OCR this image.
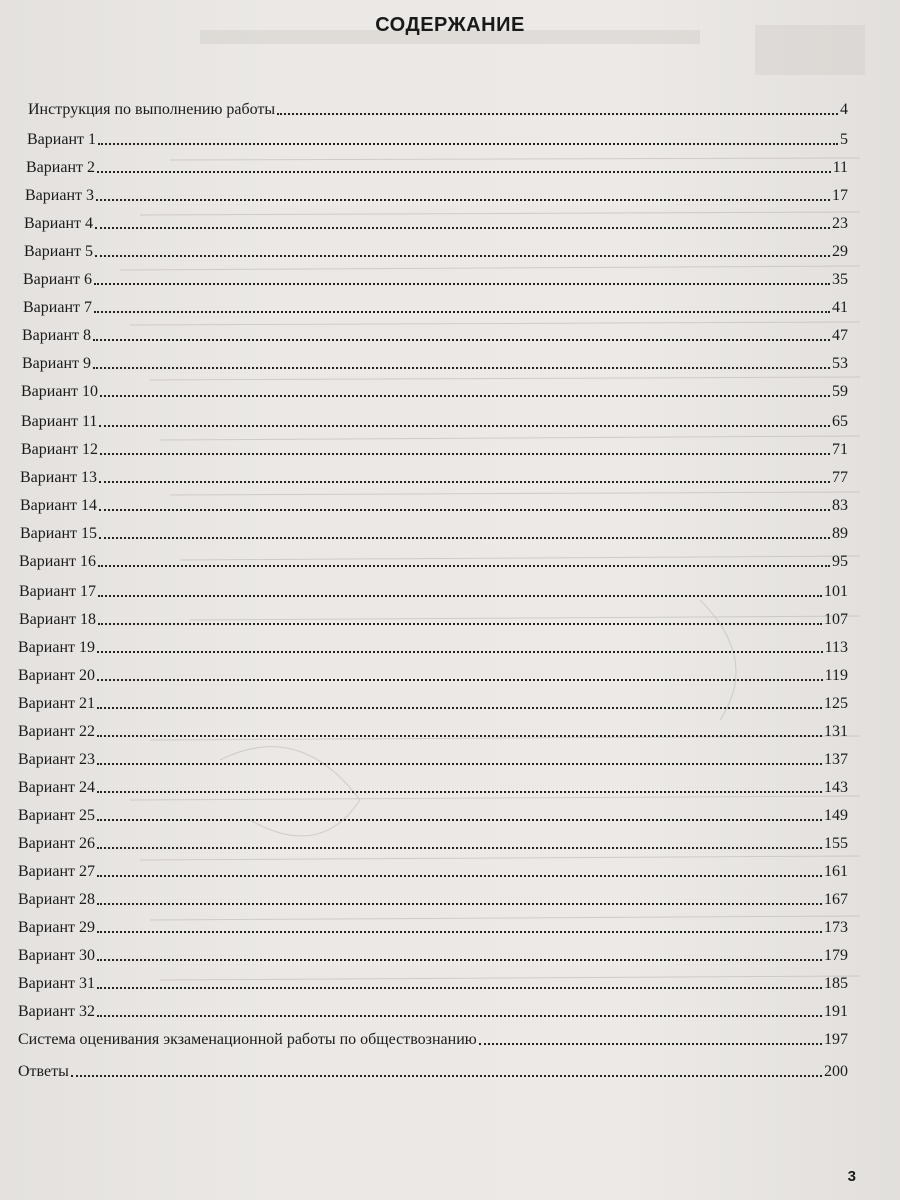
СОДЕРЖАНИЕ
Инструкция по выполнению работы	4
Вариант 1	5
Вариант 2	11
Вариант 3	17
Вариант 4	23
Вариант 5	29
Вариант 6	35
Вариант 7	41
Вариант 8	47
Вариант 9	53
Вариант 10	59
Вариант 11	65
Вариант 12	71
Вариант 13	77
Вариант 14	83
Вариант 15	89
Вариант 16	95
Вариант 17	101
Вариант 18	107
Вариант 19	113
Вариант 20	119
Вариант 21	125
Вариант 22	131
Вариант 23	137
Вариант 24	143
Вариант 25	149
Вариант 26	155
Вариант 27	161
Вариант 28	167
Вариант 29	173
Вариант 30	179
Вариант 31	185
Вариант 32	191
Система оценивания экзаменационной работы по обществознанию	197
Ответы	200
3
